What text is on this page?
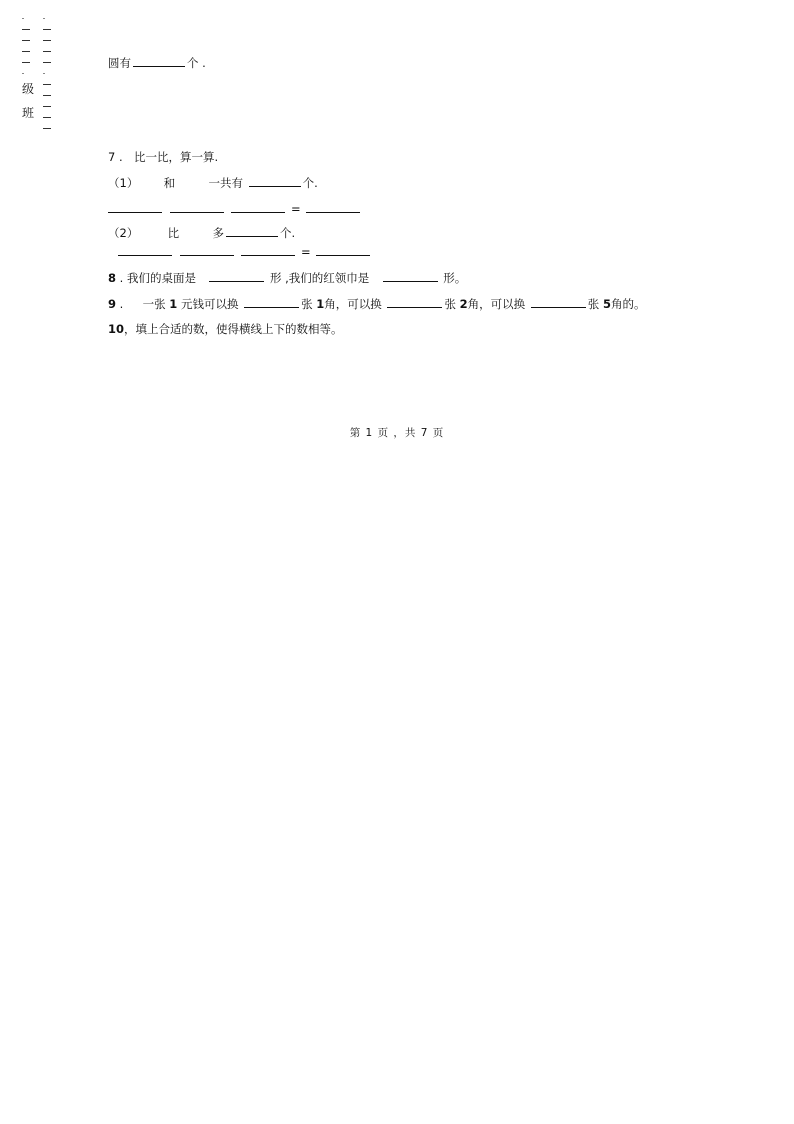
级
班
圆有	个 .
7 . 比一比，算一算.
（1） 和	一共有	个.
=
（2）	比	多	个.
=
8 . 我们的桌面是	形 ,我们的红领巾是	形。
9 . 一张 1 元钱可以换	张 1角，可以换	张 2角，可以换	张 5角的。
10，填上合适的数，使得横线上下的数相等。
第 1 页 ，共 7 页
